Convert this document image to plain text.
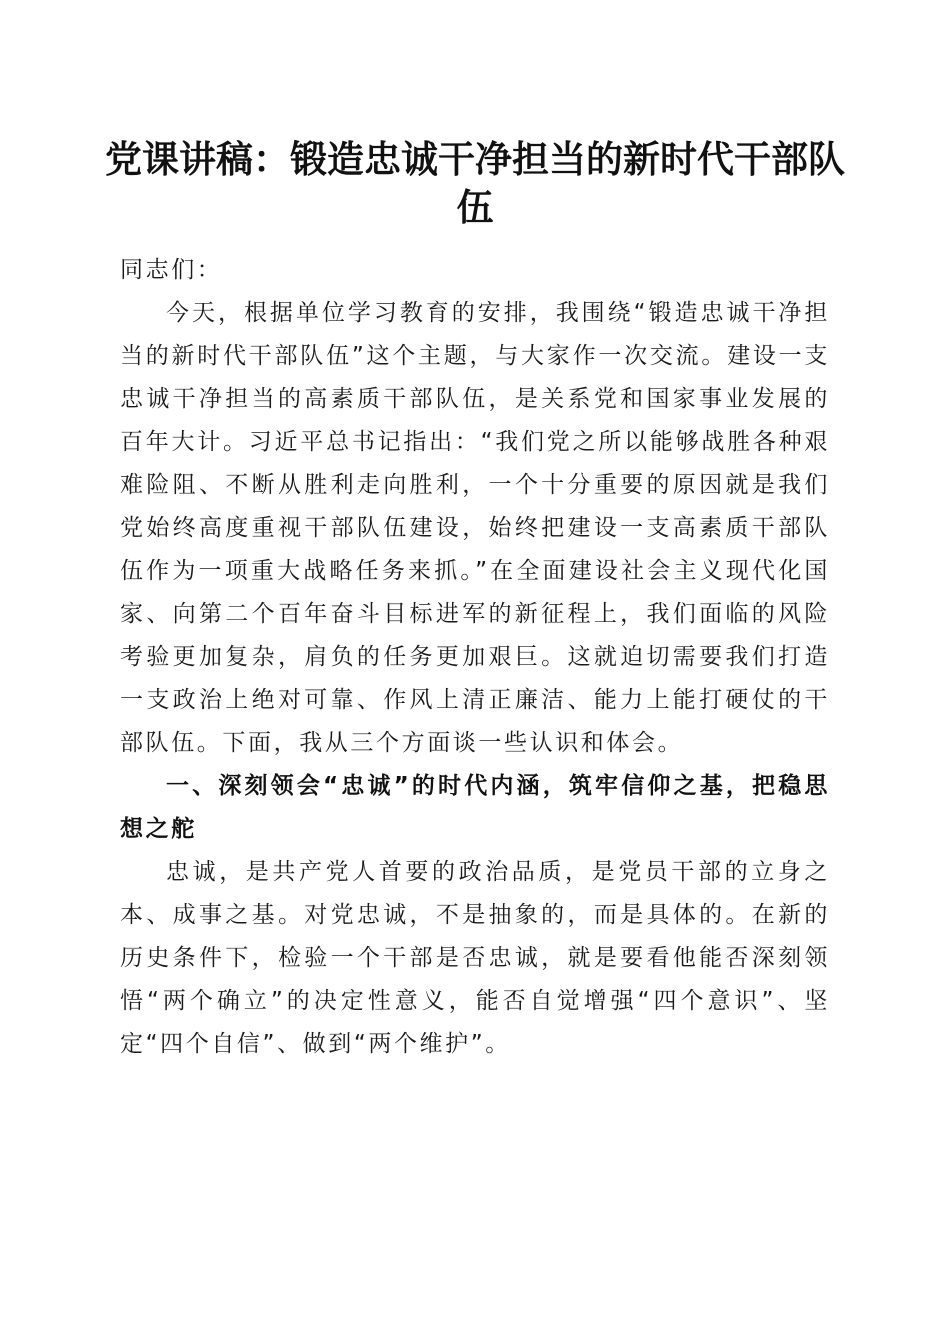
党课讲稿：锻造忠诚干净担当的新时代干部队伍

同志们：

今天，根据单位学习教育的安排，我围绕“锻造忠诚干净担当的新时代干部队伍”这个主题，与大家作一次交流。建设一支忠诚干净担当的高素质干部队伍，是关系党和国家事业发展的百年大计。习近平总书记指出：“我们党之所以能够战胜各种艰难险阻、不断从胜利走向胜利，一个十分重要的原因就是我们党始终高度重视干部队伍建设，始终把建设一支高素质干部队伍作为一项重大战略任务来抓。”在全面建设社会主义现代化国家、向第二个百年奋斗目标进军的新征程上，我们面临的风险考验更加复杂，肩负的任务更加艰巨。这就迫切需要我们打造一支政治上绝对可靠、作风上清正廉洁、能力上能打硬仗的干部队伍。下面，我从三个方面谈一些认识和体会。

一、深刻领会“忠诚”的时代内涵，筑牢信仰之基，把稳思想之舵

忠诚，是共产党人首要的政治品质，是党员干部的立身之本、成事之基。对党忠诚，不是抽象的，而是具体的。在新的历史条件下，检验一个干部是否忠诚，就是要看他能否深刻领悟“两个确立”的决定性意义，能否自觉增强“四个意识”、坚定“四个自信”、做到“两个维护”。
